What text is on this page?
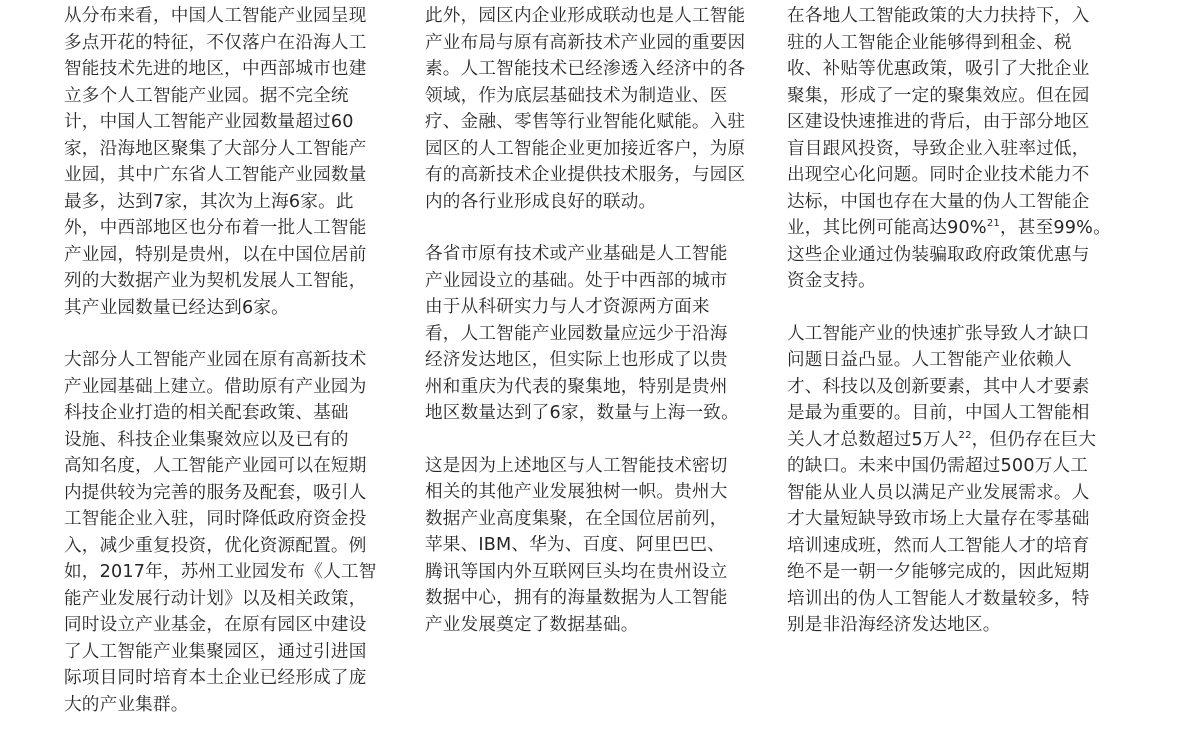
从分布来看，中国人工智能产业园呈现
多点开花的特征，不仅落户在沿海人工
智能技术先进的地区，中西部城市也建
立多个人工智能产业园。据不完全统
计，中国人工智能产业园数量超过60
家，沿海地区聚集了大部分人工智能产
业园，其中广东省人工智能产业园数量
最多，达到7家，其次为上海6家。此
外，中西部地区也分布着一批人工智能
产业园，特别是贵州，以在中国位居前
列的大数据产业为契机发展人工智能，
其产业园数量已经达到6家。

大部分人工智能产业园在原有高新技术
产业园基础上建立。借助原有产业园为
科技企业打造的相关配套政策、基础
设施、科技企业集聚效应以及已有的
高知名度，人工智能产业园可以在短期
内提供较为完善的服务及配套，吸引人
工智能企业入驻，同时降低政府资金投
入，减少重复投资，优化资源配置。例
如，2017年，苏州工业园发布《人工智
能产业发展行动计划》以及相关政策，
同时设立产业基金，在原有园区中建设
了人工智能产业集聚园区，通过引进国
际项目同时培育本土企业已经形成了庞
大的产业集群。

此外，园区内企业形成联动也是人工智能
产业布局与原有高新技术产业园的重要因
素。人工智能技术已经渗透入经济中的各
领域，作为底层基础技术为制造业、医
疗、金融、零售等行业智能化赋能。入驻
园区的人工智能企业更加接近客户，为原
有的高新技术企业提供技术服务，与园区
内的各行业形成良好的联动。

各省市原有技术或产业基础是人工智能
产业园设立的基础。处于中西部的城市
由于从科研实力与人才资源两方面来
看，人工智能产业园数量应远少于沿海
经济发达地区，但实际上也形成了以贵
州和重庆为代表的聚集地，特别是贵州
地区数量达到了6家，数量与上海一致。

这是因为上述地区与人工智能技术密切
相关的其他产业发展独树一帜。贵州大
数据产业高度集聚，在全国位居前列，
苹果、IBM、华为、百度、阿里巴巴、
腾讯等国内外互联网巨头均在贵州设立
数据中心，拥有的海量数据为人工智能
产业发展奠定了数据基础。

在各地人工智能政策的大力扶持下，入
驻的人工智能企业能够得到租金、税
收、补贴等优惠政策，吸引了大批企业
聚集，形成了一定的聚集效应。但在园
区建设快速推进的背后，由于部分地区
盲目跟风投资，导致企业入驻率过低，
出现空心化问题。同时企业技术能力不
达标，中国也存在大量的伪人工智能企
业，其比例可能高达90%$^{21}$，甚至99%。
这些企业通过伪装骗取政府政策优惠与
资金支持。

人工智能产业的快速扩张导致人才缺口
问题日益凸显。人工智能产业依赖人
才、科技以及创新要素，其中人才要素
是最为重要的。目前，中国人工智能相
关人才总数超过5万人$^{22}$，但仍存在巨大
的缺口。未来中国仍需超过500万人工
智能从业人员以满足产业发展需求。人
才大量短缺导致市场上大量存在零基础
培训速成班，然而人工智能人才的培育
绝不是一朝一夕能够完成的，因此短期
培训出的伪人工智能人才数量较多，特
别是非沿海经济发达地区。
